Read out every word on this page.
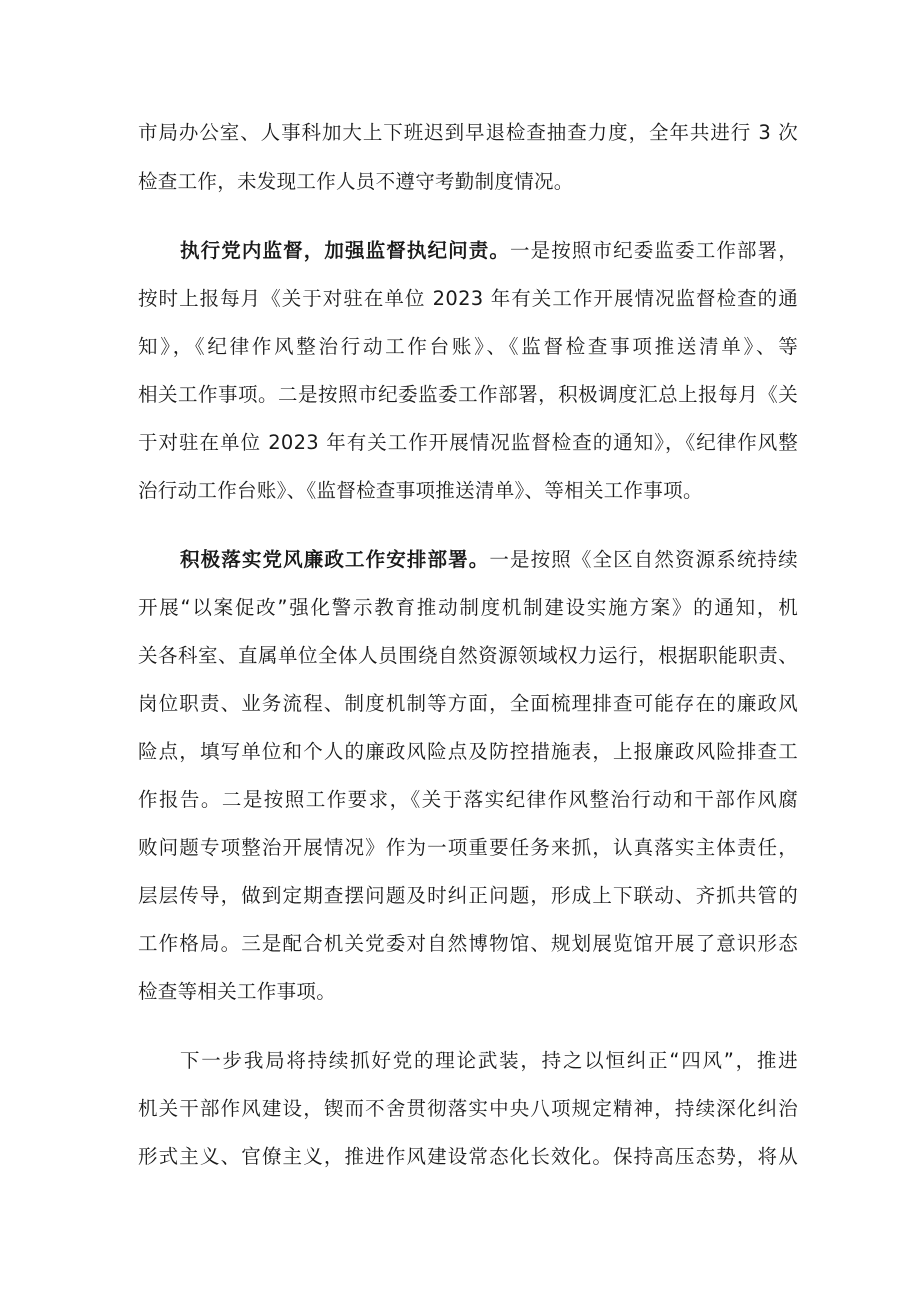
市局办公室、人事科加大上下班迟到早退检查抽查力度，全年共进行 3 次
检查工作，未发现工作人员不遵守考勤制度情况。
执行党内监督，加强监督执纪问责。一是按照市纪委监委工作部署，
按时上报每月《关于对驻在单位 2023 年有关工作开展情况监督检查的通
知》，《纪律作风整治行动工作台账》、《监督检查事项推送清单》、等
相关工作事项。二是按照市纪委监委工作部署，积极调度汇总上报每月《关
于对驻在单位 2023 年有关工作开展情况监督检查的通知》，《纪律作风整
治行动工作台账》、《监督检查事项推送清单》、等相关工作事项。
积极落实党风廉政工作安排部署。一是按照《全区自然资源系统持续
开展“以案促改”强化警示教育推动制度机制建设实施方案》的通知，机
关各科室、直属单位全体人员围绕自然资源领域权力运行，根据职能职责、
岗位职责、业务流程、制度机制等方面，全面梳理排查可能存在的廉政风
险点，填写单位和个人的廉政风险点及防控措施表，上报廉政风险排查工
作报告。二是按照工作要求，《关于落实纪律作风整治行动和干部作风腐
败问题专项整治开展情况》作为一项重要任务来抓，认真落实主体责任，
层层传导，做到定期查摆问题及时纠正问题，形成上下联动、齐抓共管的
工作格局。三是配合机关党委对自然博物馆、规划展览馆开展了意识形态
检查等相关工作事项。
下一步我局将持续抓好党的理论武装，持之以恒纠正“四风”，推进
机关干部作风建设，锲而不舍贯彻落实中央八项规定精神，持续深化纠治
形式主义、官僚主义，推进作风建设常态化长效化。保持高压态势，将从
